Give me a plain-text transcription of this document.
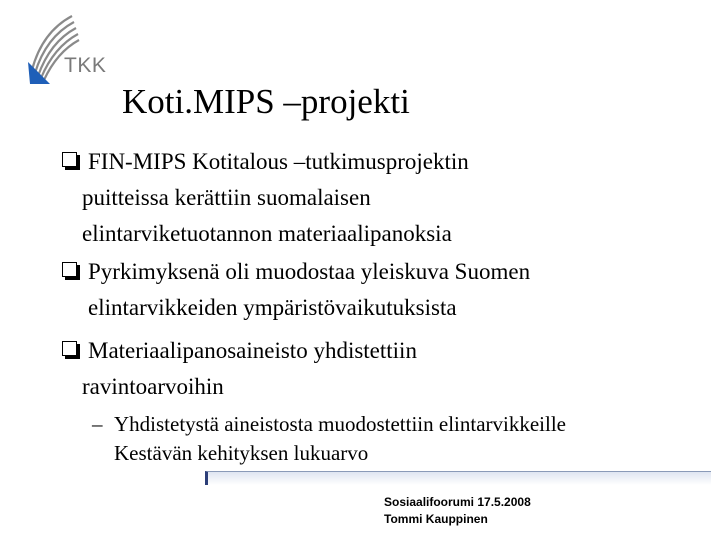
TKK
Koti.MIPS –projekti
FIN-MIPS Kotitalous –tutkimusprojektin
puitteissa kerättiin suomalaisen
elintarviketuotannon materiaalipanoksia
Pyrkimyksenä oli muodostaa yleiskuva Suomen
elintarvikkeiden ympäristövaikutuksista
Materiaalipanosaineisto yhdistettiin
ravintoarvoihin
– Yhdistetystä aineistosta muodostettiin elintarvikkeille
Kestävän kehityksen lukuarvo
Sosiaalifoorumi 17.5.2008
Tommi Kauppinen
